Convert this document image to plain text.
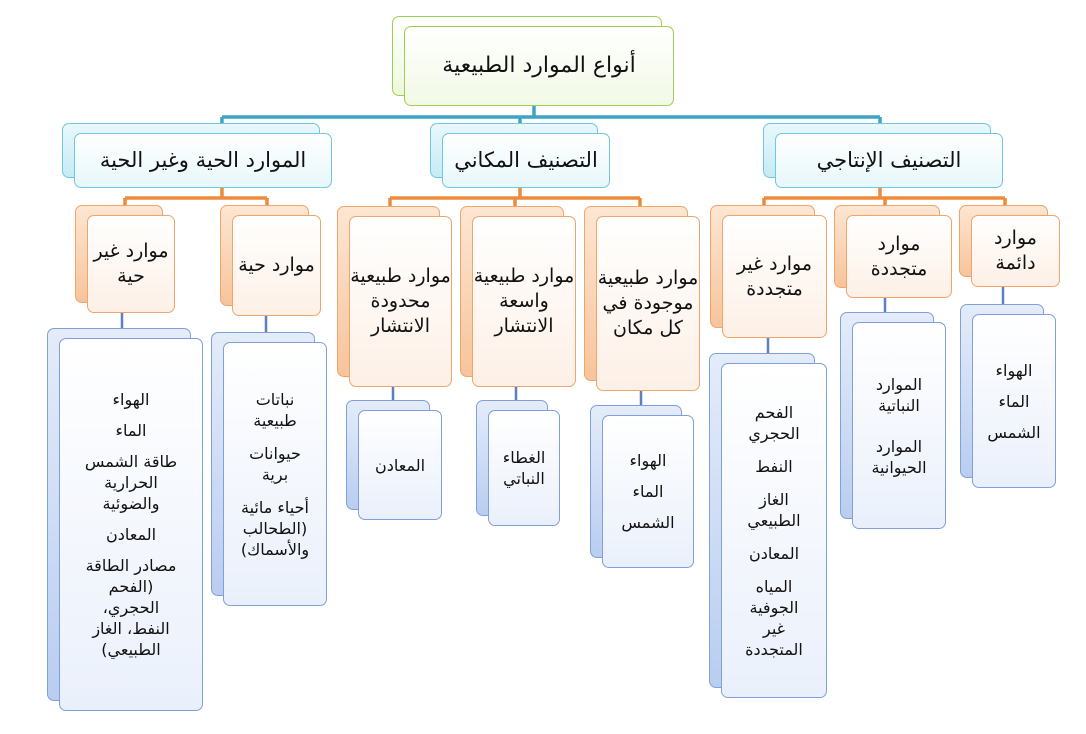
أنواع الموارد الطبيعية
التصنيف الإنتاجي
التصنيف المكاني
الموارد الحية وغير الحية
موارد دائمة
موارد متجددة
موارد غير متجددة
موارد طبيعية موجودة في كل مكان
موارد طبيعية واسعة الانتشار
موارد طبيعية محدودة الانتشار
موارد حية
موارد غير حية
الهواء
الماء
الشمس
الموارد النباتية
الموارد الحيوانية
الفحم الحجري
النفط
الغاز الطبيعي
المعادن
المياه الجوفية غير المتجددة
الهواء
الماء
الشمس
الغطاء النباتي
المعادن
نباتات طبيعية
حيوانات برية
أحياء مائية (الطحالب والأسماك)
الهواء
الماء
طاقة الشمس الحرارية والضوئية
المعادن
مصادر الطاقة (الفحم الحجري، النفط، الغاز الطبيعي)
